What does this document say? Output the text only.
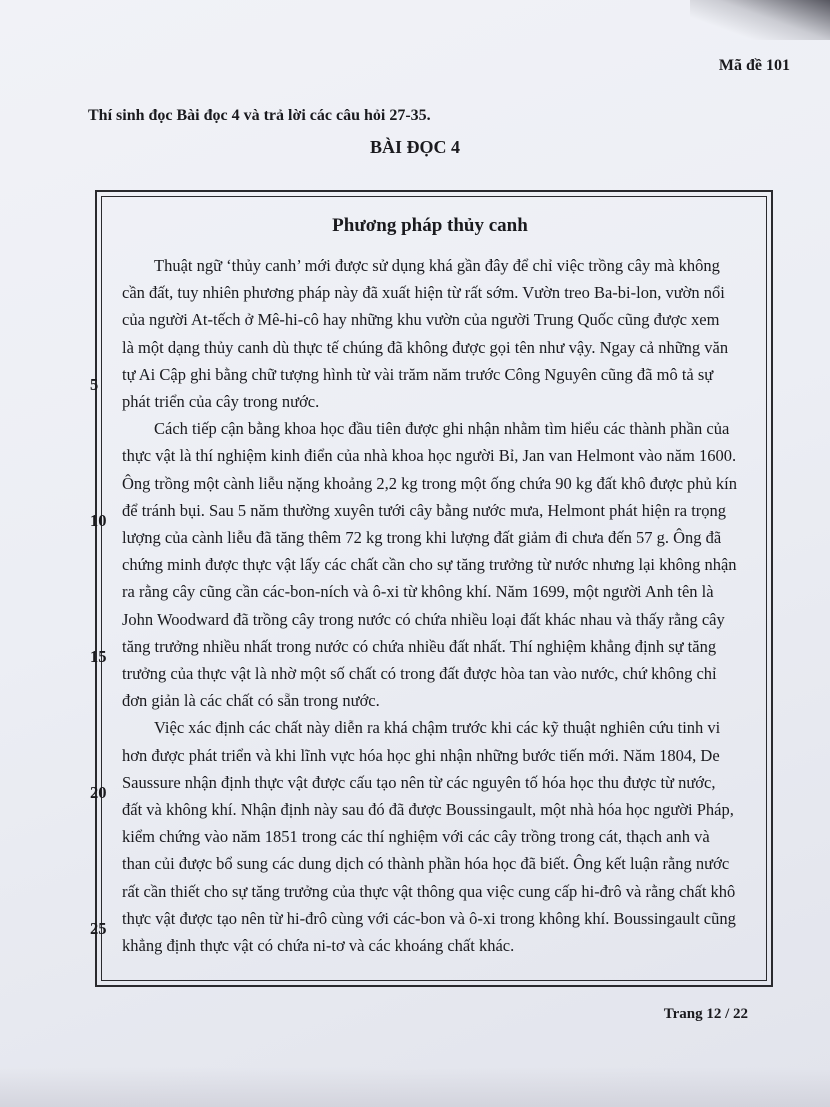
Mã đề 101
Thí sinh đọc Bài đọc 4 và trả lời các câu hỏi 27-35.
BÀI ĐỌC 4
Phương pháp thủy canh
Thuật ngữ ‘thủy canh’ mới được sử dụng khá gần đây để chỉ việc trồng cây mà không
cần đất, tuy nhiên phương pháp này đã xuất hiện từ rất sớm. Vườn treo Ba-bi-lon, vườn nổi
của người At-tếch ở Mê-hi-cô hay những khu vườn của người Trung Quốc cũng được xem
là một dạng thủy canh dù thực tế chúng đã không được gọi tên như vậy. Ngay cả những văn
tự Ai Cập ghi bằng chữ tượng hình từ vài trăm năm trước Công Nguyên cũng đã mô tả sự
phát triển của cây trong nước.
Cách tiếp cận bằng khoa học đầu tiên được ghi nhận nhằm tìm hiểu các thành phần của
thực vật là thí nghiệm kinh điển của nhà khoa học người Bỉ, Jan van Helmont vào năm 1600.
Ông trồng một cành liễu nặng khoảng 2,2 kg trong một ống chứa 90 kg đất khô được phủ kín
để tránh bụi. Sau 5 năm thường xuyên tưới cây bằng nước mưa, Helmont phát hiện ra trọng
lượng của cành liễu đã tăng thêm 72 kg trong khi lượng đất giảm đi chưa đến 57 g. Ông đã
chứng minh được thực vật lấy các chất cần cho sự tăng trưởng từ nước nhưng lại không nhận
ra rằng cây cũng cần các-bon-ních và ô-xi từ không khí. Năm 1699, một người Anh tên là
John Woodward đã trồng cây trong nước có chứa nhiều loại đất khác nhau và thấy rằng cây
tăng trưởng nhiều nhất trong nước có chứa nhiều đất nhất. Thí nghiệm khẳng định sự tăng
trưởng của thực vật là nhờ một số chất có trong đất được hòa tan vào nước, chứ không chỉ
đơn giản là các chất có sẵn trong nước.
Việc xác định các chất này diễn ra khá chậm trước khi các kỹ thuật nghiên cứu tinh vi
hơn được phát triển và khi lĩnh vực hóa học ghi nhận những bước tiến mới. Năm 1804, De
Saussure nhận định thực vật được cấu tạo nên từ các nguyên tố hóa học thu được từ nước,
đất và không khí. Nhận định này sau đó đã được Boussingault, một nhà hóa học người Pháp,
kiểm chứng vào năm 1851 trong các thí nghiệm với các cây trồng trong cát, thạch anh và
than củi được bổ sung các dung dịch có thành phần hóa học đã biết. Ông kết luận rằng nước
rất cần thiết cho sự tăng trưởng của thực vật thông qua việc cung cấp hi-đrô và rằng chất khô
thực vật được tạo nên từ hi-đrô cùng với các-bon và ô-xi trong không khí. Boussingault cũng
khẳng định thực vật có chứa ni-tơ và các khoáng chất khác.
5
10
15
20
25
Trang 12 / 22
